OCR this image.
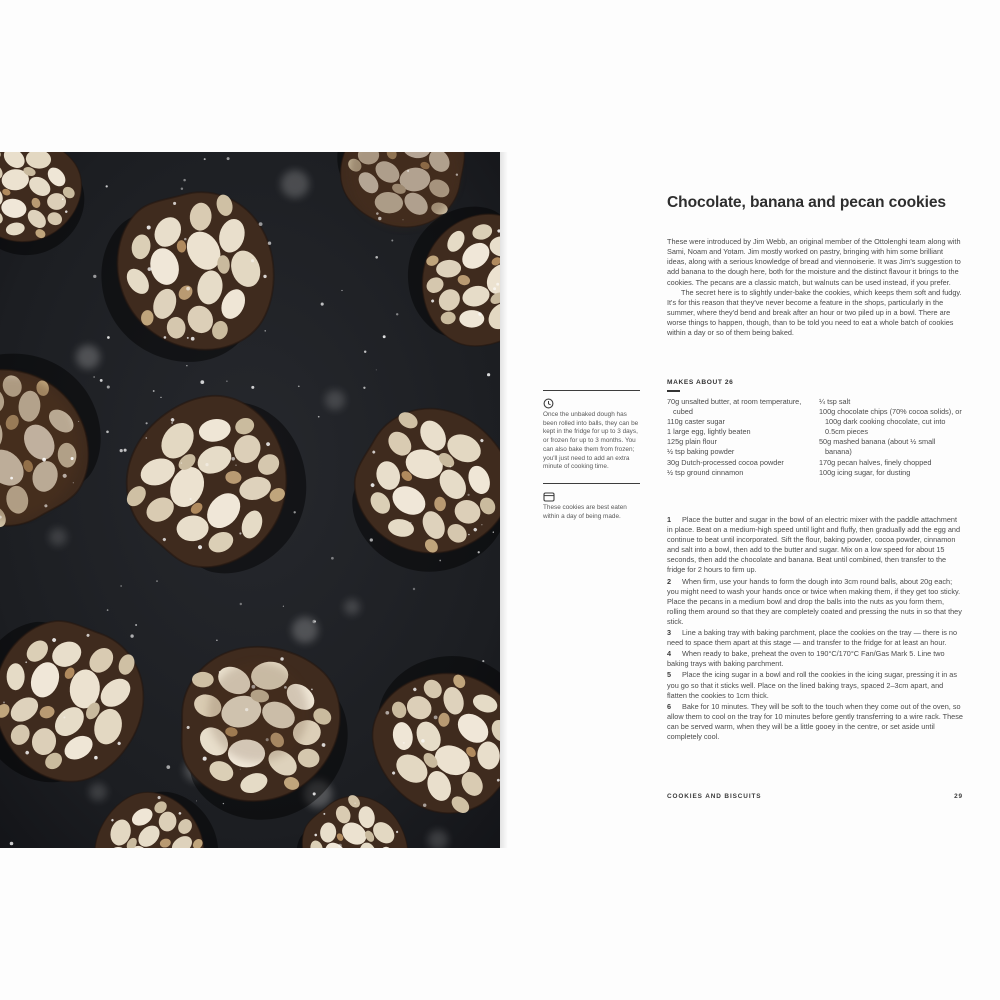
Once the unbaked dough has been rolled into balls, they can be kept in the fridge for up to 3 days, or frozen for up to 3 months. You can also bake them from frozen; you'll just need to add an extra minute of cooking time.

These cookies are best eaten within a day of being made.

Chocolate, banana and pecan cookies

These were introduced by Jim Webb, an original member of the Ottolenghi team along with Sami, Noam and Yotam. Jim mostly worked on pastry, bringing with him some brilliant ideas, along with a serious knowledge of bread and viennoiserie. It was Jim's suggestion to add banana to the dough here, both for the moisture and the distinct flavour it brings to the cookies. The pecans are a classic match, but walnuts can be used instead, if you prefer.

The secret here is to slightly under-bake the cookies, which keeps them soft and fudgy. It's for this reason that they've never become a feature in the shops, particularly in the summer, where they'd bend and break after an hour or two piled up in a bowl. There are worse things to happen, though, than to be told you need to eat a whole batch of cookies within a day or so of them being baked.

MAKES ABOUT 26

70g unsalted butter, at room temperature, cubed

110g caster sugar

1 large egg, lightly beaten

125g plain flour

½ tsp baking powder

30g Dutch-processed cocoa powder

½ tsp ground cinnamon

¼ tsp salt

100g chocolate chips (70% cocoa solids), or 100g dark cooking chocolate, cut into 0.5cm pieces

50g mashed banana (about ½ small banana)

170g pecan halves, finely chopped

100g icing sugar, for dusting

1 Place the butter and sugar in the bowl of an electric mixer with the paddle attachment in place. Beat on a medium-high speed until light and fluffy, then gradually add the egg and continue to beat until incorporated. Sift the flour, baking powder, cocoa powder, cinnamon and salt into a bowl, then add to the butter and sugar. Mix on a low speed for about 15 seconds, then add the chocolate and banana. Beat until combined, then transfer to the fridge for 2 hours to firm up.

2 When firm, use your hands to form the dough into 3cm round balls, about 20g each; you might need to wash your hands once or twice when making them, if they get too sticky. Place the pecans in a medium bowl and drop the balls into the nuts as you form them, rolling them around so that they are completely coated and pressing the nuts in so that they stick.

3 Line a baking tray with baking parchment, place the cookies on the tray — there is no need to space them apart at this stage — and transfer to the fridge for at least an hour.

4 When ready to bake, preheat the oven to 190°C/170°C Fan/Gas Mark 5. Line two baking trays with baking parchment.

5 Place the icing sugar in a bowl and roll the cookies in the icing sugar, pressing it in as you go so that it sticks well. Place on the lined baking trays, spaced 2–3cm apart, and flatten the cookies to 1cm thick.

6 Bake for 10 minutes. They will be soft to the touch when they come out of the oven, so allow them to cool on the tray for 10 minutes before gently transferring to a wire rack. These can be served warm, when they will be a little gooey in the centre, or set aside until completely cool.

COOKIES AND BISCUITS	29
